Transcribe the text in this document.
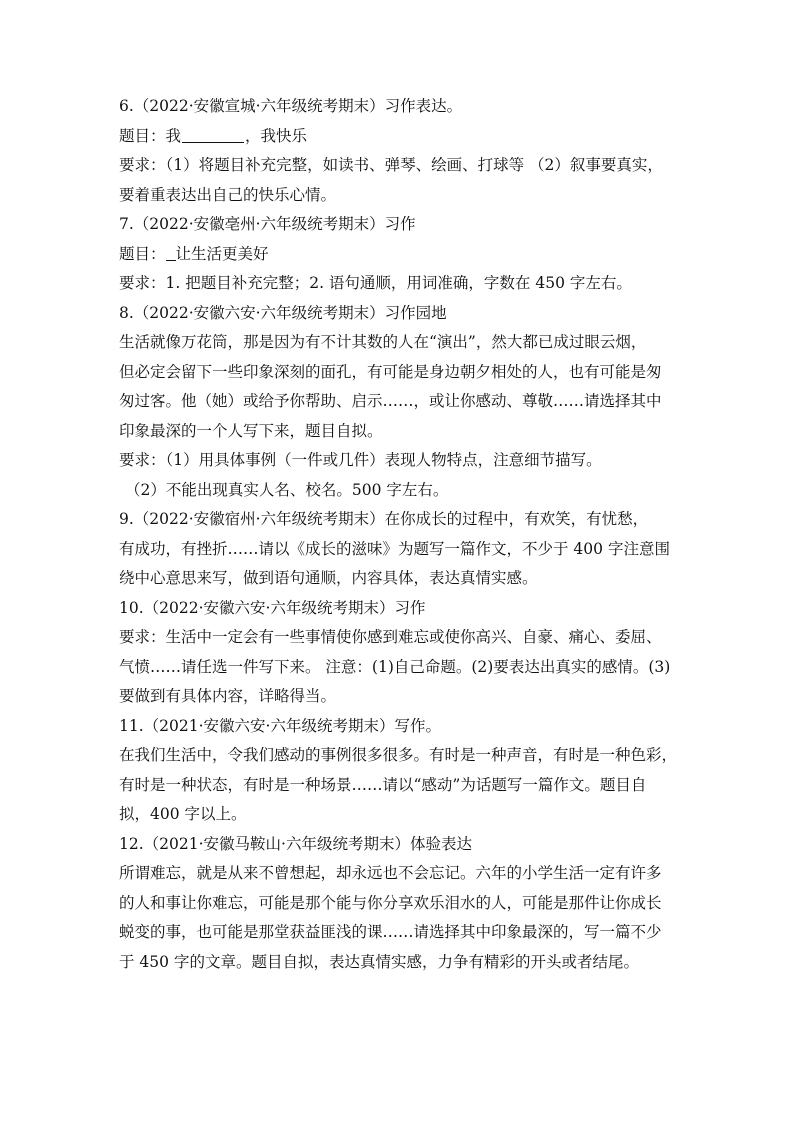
6.（2022·安徽宣城·六年级统考期末）习作表达。
题目：我	，我快乐
要求：（1）将题目补充完整，如读书、弹琴、绘画、打球等 （2）叙事要真实，
要着重表达出自己的快乐心情。
7.（2022·安徽亳州·六年级统考期末）习作
题目： 让生活更美好
要求：1. 把题目补充完整；2. 语句通顺，用词准确，字数在 450 字左右。
8.（2022·安徽六安·六年级统考期末）习作园地
生活就像万花筒，那是因为有不计其数的人在“演出”，然大都已成过眼云烟，
但必定会留下一些印象深刻的面孔，有可能是身边朝夕相处的人，也有可能是匆
匆过客。他（她）或给予你帮助、启示……，或让你感动、尊敬……请选择其中
印象最深的一个人写下来，题目自拟。
要求：（1）用具体事例（一件或几件）表现人物特点，注意细节描写。
（2）不能出现真实人名、校名。500 字左右。
9.（2022·安徽宿州·六年级统考期末）在你成长的过程中，有欢笑，有忧愁，
有成功，有挫折……请以《成长的滋味》为题写一篇作文，不少于 400 字注意围
绕中心意思来写，做到语句通顺，内容具体，表达真情实感。
10.（2022·安徽六安·六年级统考期末）习作
要求：生活中一定会有一些事情使你感到难忘或使你高兴、自豪、痛心、委屈、
气愤……请任选一件写下来。 注意：(1)自己命题。(2)要表达出真实的感情。(3)
要做到有具体内容，详略得当。
11.（2021·安徽六安·六年级统考期末）写作。
在我们生活中，令我们感动的事例很多很多。有时是一种声音，有时是一种色彩，
有时是一种状态，有时是一种场景……请以“感动”为话题写一篇作文。题目自
拟，400 字以上。
12.（2021·安徽马鞍山·六年级统考期末）体验表达
所谓难忘，就是从来不曾想起，却永远也不会忘记。六年的小学生活一定有许多
的人和事让你难忘，可能是那个能与你分享欢乐泪水的人，可能是那件让你成长
蜕变的事，也可能是那堂获益匪浅的课……请选择其中印象最深的，写一篇不少
于 450 字的文章。题目自拟，表达真情实感，力争有精彩的开头或者结尾。
